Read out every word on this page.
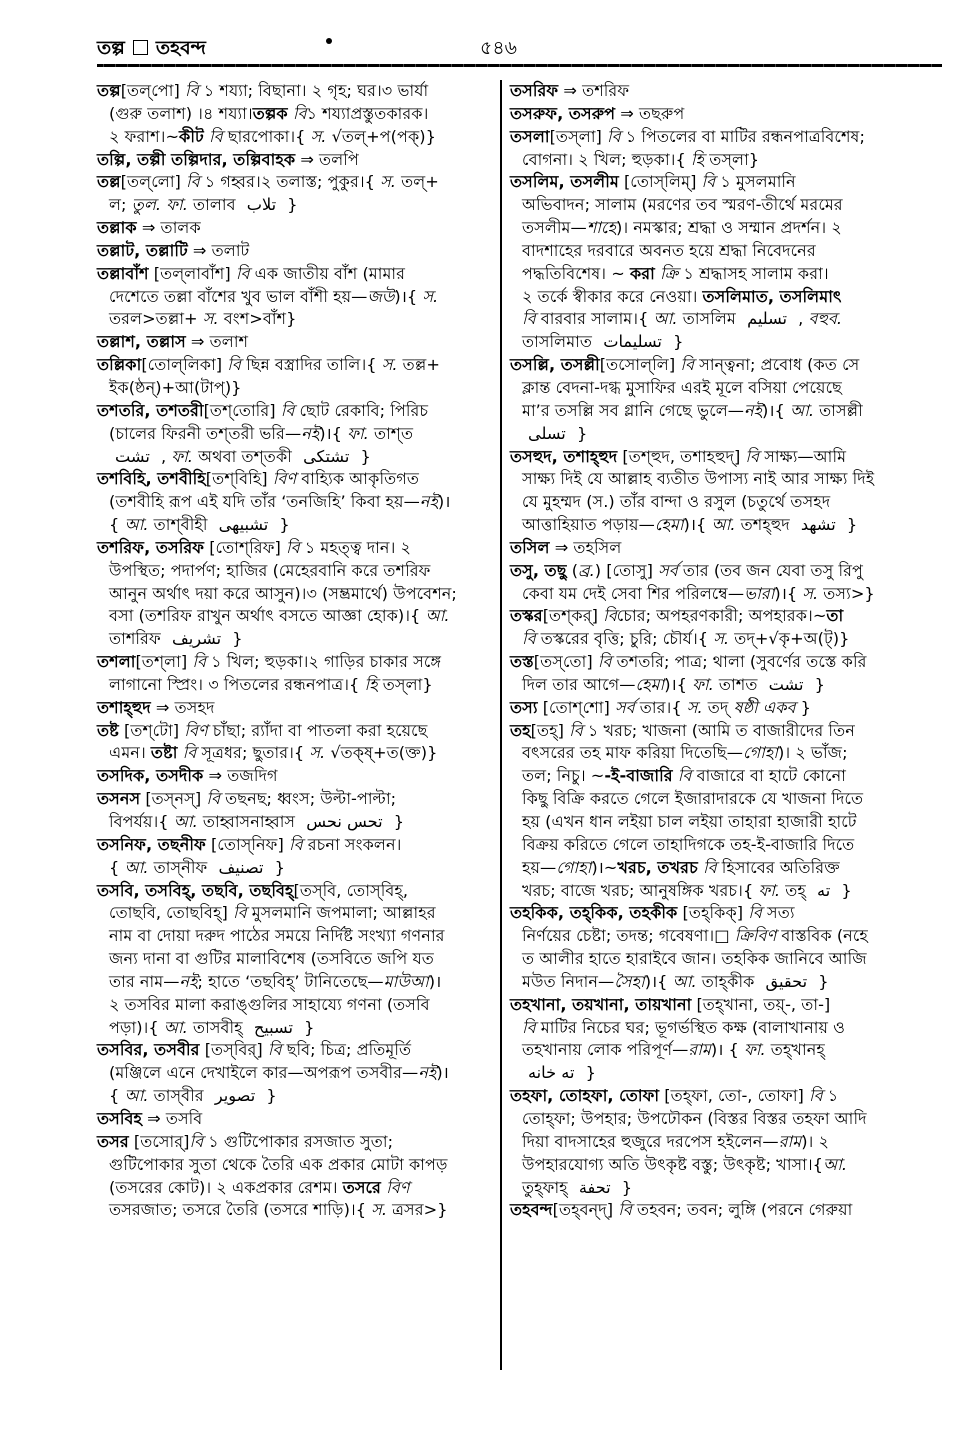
তল্প তহবন্দ	৫৪৬
তল্প[তল্‌পো] বি ১ শয্যা; বিছানা। ২ গৃহ; ঘর।৩ ভার্যা
(গুরু তলাশ) ।৪ শয্যা।তল্পক বি১ শয্যাপ্রস্তুতকারক।
২ ফরাশ।~কীট বি ছারপোকা।{ স. √তল্‌+প(পক্‌)}
তল্পি, তল্পী তল্পিদার, তল্পিবাহক ⇒ তলপি
তল্ল[তল্‌লো] বি ১ গহ্বর।২ তলাস্ত; পুকুর।{ স. তল্‌+
ল; তুল. ফা. তালাব تلاب }
তল্লাক ⇒ তালক
তল্লাট, তল্লাটি ⇒ তলাট
তল্লাবাঁশ [তল্‌লাবাঁশ] বি এক জাতীয় বাঁশ (মামার
দেশেতে তল্লা বাঁশের খুব ভাল বাঁশী হয়—জউ)।{ স.
তরল>তল্লা+ স. বংশ>বাঁশ}
তল্লাশ, তল্লাস ⇒ তলাশ
তল্লিকা[তোল্‌লিকা] বি ছিন্ন বস্ত্রাদির তালি।{ স. তল্ল+
ইক(ষ্ঠন্‌)+আ(টাপ্‌)}
তশতরি, তশতরী[তশ্‌তোরি] বি ছোট রেকাবি; পিরিচ
(চালের ফিরনী তশ্‌তরী ভরি—নই)।{ ফা. তাশ্‌ত
تشت , ফা. অথবা তশ্‌তকী تشتکی }
তশবিহি, তশবীহি[তশ্‌বিহি] বিণ বাহ্যিক আকৃতিগত
(তশবীহি রূপ এই যদি তাঁর ‘তনজিহি’ কিবা হয়—নই)।
{ আ. তাশ্‌বীহী تشبیهی }
তশরিফ, তসরিফ [তোশ্‌রিফ] বি ১ মহত্ত্ব দান। ২
উপস্থিত; পদার্পণ; হাজির (মেহেরবানি করে তশরিফ
আনুন অর্থাৎ দয়া করে আসুন)।৩ (সম্ভ্রমার্থে) উপবেশন;
বসা (তশরিফ রাখুন অর্থাৎ বসতে আজ্ঞা হোক)।{ আ.
তাশরিফ تشریف }
তশলা[তশ্‌লা] বি ১ খিল; হুড়কা।২ গাড়ির চাকার সঙ্গে
লাগানো স্প্রিং। ৩ পিতলের রন্ধনপাত্র।{ হি তস্‌লা}
তশাহ্‌হুদ ⇒ তসহদ
তষ্ট [তশ্‌টো] বিণ চাঁছা; র‍্যাঁদা বা পাতলা করা হয়েছে
এমন। তষ্টা বি সূত্রধর; ছুতার।{ স. √তক্ষ্‌+ত(ক্ত)}
তসদিক, তসদীক ⇒ তজদিগ
তসনস [তস্‌নস্‌] বি তছনছ; ধ্বংস; উল্টা-পাল্টা;
বিপর্যয়।{ আ. তাহ্বাসনাহ্বাস تحس نحس }
তসনিফ, তছনীফ [তোস্‌নিফ] বি রচনা সংকলন।
{ আ. তাস্‌নীফ تصنیف }
তসবি, তসবিহ্‌, তছবি, তছবিহ্‌[তস্‌বি, তোস্‌বিহ্‌,
তোছবি, তোছবিহ্‌] বি মুসলমানি জপমালা; আল্লাহর
নাম বা দোয়া দরুদ পাঠের সময়ে নির্দিষ্ট সংখ্যা গণনার
জন্য দানা বা গুটির মালাবিশেষ (তসবিতে জপি যত
তার নাম—নই; হাতে ‘তছবিহ্‌’ টানিতেছে—মাউআ)।
২ তসবির মালা করাঙ্গুলির সাহায্যে গণনা (তসবি
পড়া)।{ আ. তাসবীহ্‌ تسبیح }
তসবির, তসবীর [তস্‌বির্‌] বি ছবি; চিত্র; প্রতিমূর্তি
(মঞ্জিলে এনে দেখাইলে কার—অপরূপ তসবীর—নই)।
{ আ. তাস্‌বীর تصویر }
তসবিহ ⇒ তসবি
তসর [তসোর্‌]বি ১ গুটিপোকার রসজাত সুতা;
গুটিপোকার সুতা থেকে তৈরি এক প্রকার মোটা কাপড়
(তসরের কোট)। ২ একপ্রকার রেশম। তসরে বিণ
তসরজাত; তসরে তৈরি (তসরে শাড়ি)।{ স. ত্রসর>}
তসরিফ ⇒ তশরিফ
তসরুফ, তসরুপ ⇒ তছরুপ
তসলা[তস্‌লা] বি ১ পিতলের বা মাটির রন্ধনপাত্রবিশেষ;
বোগনা। ২ খিল; হুড়কা।{ হি তস্‌লা}
তসলিম, তসলীম [তোস্‌লিম্‌] বি ১ মুসলমানি
অভিবাদন; সালাম (মরণের তব স্মরণ-তীর্থে মরমের
তসলীম—শাহে)। নমস্কার; শ্রদ্ধা ও সম্মান প্রদর্শন। ২
বাদশাহের দরবারে অবনত হয়ে শ্রদ্ধা নিবেদনের
পদ্ধতিবিশেষ। ~ করা ক্রি ১ শ্রদ্ধাসহ সালাম করা।
২ তর্কে স্বীকার করে নেওয়া। তসলিমাত, তসলিমাৎ
বি বারবার সালাম।{ আ. তাসলিম تسلیم , বহুব.
তাসলিমাত تسلیمات }
তসল্লি, তসল্লী[তসোল্‌লি] বি সান্ত্বনা; প্রবোধ (কত সে
ক্লান্ত বেদনা-দগ্ধ মুসাফির এরই মূলে বসিয়া পেয়েছে
মা’র তসল্লি সব গ্লানি গেছে ভুলে—নই)।{ আ. তাসল্লী
تسلی }
তসহুদ, তশাহ্‌হুদ [তশ্‌হুদ, তশাহহুদ্‌] বি সাক্ষ্য—আমি
সাক্ষ্য দিই যে আল্লাহ ব্যতীত উপাস্য নাই আর সাক্ষ্য দিই
যে মুহম্মদ (স.) তাঁর বান্দা ও রসুল (চতুর্থে তসহদ
আত্তাহিয়াত পড়ায়—হেমা)।{ আ. তশহ্‌হুদ تشهد }
তসিল ⇒ তহসিল
তসু, তছু (ব্র.) [তোসু] সর্ব তার (তব জন যেবা তসু রিপু
কেবা যম দেই সেবা শির পরিলম্বে—ভারা)।{ স. তস্য>}
তস্কর[তশ্‌কর্‌] বিচোর; অপহরণকারী; অপহারক।~তা
বি তস্করের বৃত্তি; চুরি; চৌর্য।{ স. তদ্‌+√কৃ+অ(ট্‌)}
তস্ত[তস্‌তো] বি তশতরি; পাত্র; থালা (সুবর্ণের তস্তে করি
দিল তার আগে—হেমা)।{ ফা. তাশত تشت }
তস্য [তোশ্‌শো] সর্ব তার।{ স. তদ্‌ ষষ্ঠী একব }
তহ[তহ্‌] বি ১ খরচ; খাজনা (আমি ত বাজারীদের তিন
বৎসরের তহ মাফ করিয়া দিতেছি—গোহা)। ২ ভাঁজ;
তল; নিচু। ~-ই-বাজারি বি বাজারে বা হাটে কোনো
কিছু বিক্রি করতে গেলে ইজারাদারকে যে খাজনা দিতে
হয় (এখন ধান লইয়া চাল লইয়া তাহারা হাজারী হাটে
বিক্রয় করিতে গেলে তাহাদিগকে তহ-ই-বাজারি দিতে
হয়—গোহা)।~খরচ, তখরচ বি হিসাবের অতিরিক্ত
খরচ; বাজে খরচ; আনুষঙ্গিক খরচ।{ ফা. তহ্‌ ته }
তহকিক, তহ্‌কিক, তহকীক [তহ্‌কিক্‌] বি সত্য
নির্ণয়ের চেষ্টা; তদন্ত; গবেষণা।□ ক্রিবিণ বাস্তবিক (নহে
ত আলীর হাতে হারাইবে জান। তহকিক জানিবে আজি
মউত নিদান—সৈহা)।{ আ. তাহ্‌কীক تحقیق }
তহখানা, তয়খানা, তায়খানা [তহ্‌খানা, তয়্‌-, তা-]
বি মাটির নিচের ঘর; ভূগর্ভস্থিত কক্ষ (বালাখানায় ও
তহখানায় লোক পরিপূর্ণ—রাম)। { ফা. তহ্‌খানহ্‌
ته خانه }
তহফা, তোহফা, তোফা [তহ্‌ফা, তো-, তোফা] বি ১
তোহ্‌ফা; উপহার; উপঢৌকন (বিস্তর বিস্তর তহফা আদি
দিয়া বাদসাহের হুজুরে দরপেস হইলেন—রাম)। ২
উপহারযোগ্য অতি উৎকৃষ্ট বস্তু; উৎকৃষ্ট; খাসা।{আ.
তুহ্‌ফাহ্‌ تحفة }
তহবন্দ[তহ্‌বন্‌দ্‌] বি তহবন; তবন; লুঙ্গি (পরনে গেরুয়া
